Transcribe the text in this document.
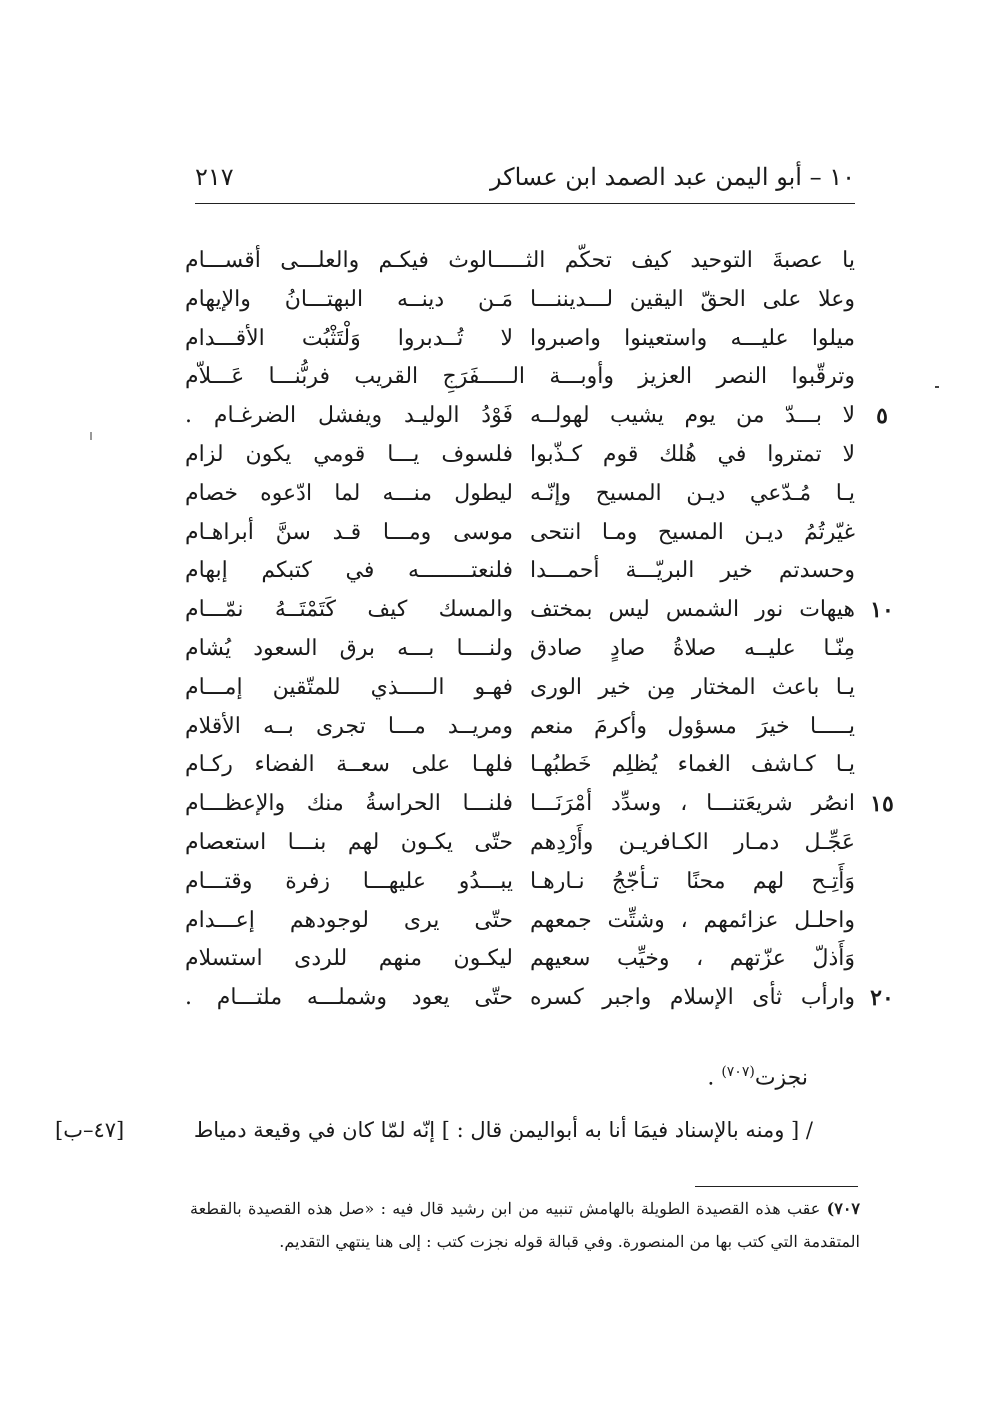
١٠ – أبو اليمن عبد الصمد ابن عساكر
٢١٧
يا عصبةَ التوحيد كيف تحكّم الثـــــالوث فيكـم والعلـــى أقســـام
وعلا على الحقّ اليقين لـــديننـــا
مَـن دينــه البهتـــانُ والإيهام
ميلوا عليـــه واستعينوا واصبروا
لا تُــدبروا وَلْتَثْبُت الأقـــدام
وترقّبوا النصر العزيز وأوبـــة الـــــفَرَجِ القريب فربُّنـــا عَـــلاّم
٥
لا بـــدّ من يوم يشيب لهولــه
فَوْدُ الوليـد ويفشل الضرغـام .
لا تمتروا في هُلك قوم كـذّبوا
فلسوف يـــا قومي يكون لزام
يـا مُـدّعي ديـن المسيح وإنّـه
ليطول منـــه لما ادّعوه خصام
غيّرتُمُ ديـن المسيح ومـا انتحى
موسى ومـــا قـد سنَّ أبراهـام
وحسدتم خير البريّـــة أحمـــدا
فلنعتــــــــه في كتبكم إبهام
١٠
هيهات نور الشمس ليس بمختف
والمسك كيف كَتَمْتَــهُ نمّـــام
مِنّـا عليــه صلاةُ صادٍ صادق
ولنــــا بـــه برق السعود يُشام
يـا باعث المختار مِن خير الورى
فهـو الـــــذي للمتّقين إمـــام
يـــــا خيرَ مسؤول وأكرمَ منعم
ومريــد مـــا تجرى بــه الأقلام
يـا كـاشف الغماء يُظلِم خَطبُهـا
فلهـا على سعــة الفضاء ركـام
١٥
انصُر شريعَتنـــا ، وسدِّد أمْرَنَـــا
فلنـــا الحراسةُ منك والإعظـــام
عَجِّـل دمـار الكـافريـن وأَرْدِهم
حتّى يكـون لهم بنـــا استعصام
وَأَتِـح لهم محنًا تـأجّجُ نـارهـا
يبـــدُو عليهـــا زفرة وقتـــام
واحلـل عزائمهم ، وشتِّت جمعهم
حتّى يرى لوجودهم إعـــدام
وَأَذلّ عزّتهم ، وخيِّب سعيهم
ليكـون منهم للردى استسلام
٢٠
وارأب ثأى الإسلام واجبر كسره
حتّى يعود وشملـــه ملتـــام .
نجزت$^{(٧٠٧)}$ .
/ [ ومنه بالإسناد فيمَا أنا به أبواليمن قال : ] إنّه لمّا كان في وقيعة دمياط
[٤٧–ب]
٧٠٧) عقب هذه القصيدة الطويلة بالهامش تنبيه من ابن رشيد قال فيه : «صل هذه القصيدة بالقطعة
المتقدمة التي كتب بها من المنصورة. وفي قبالة قوله نجزت كتب : إلى هنا ينتهي التقديم.
